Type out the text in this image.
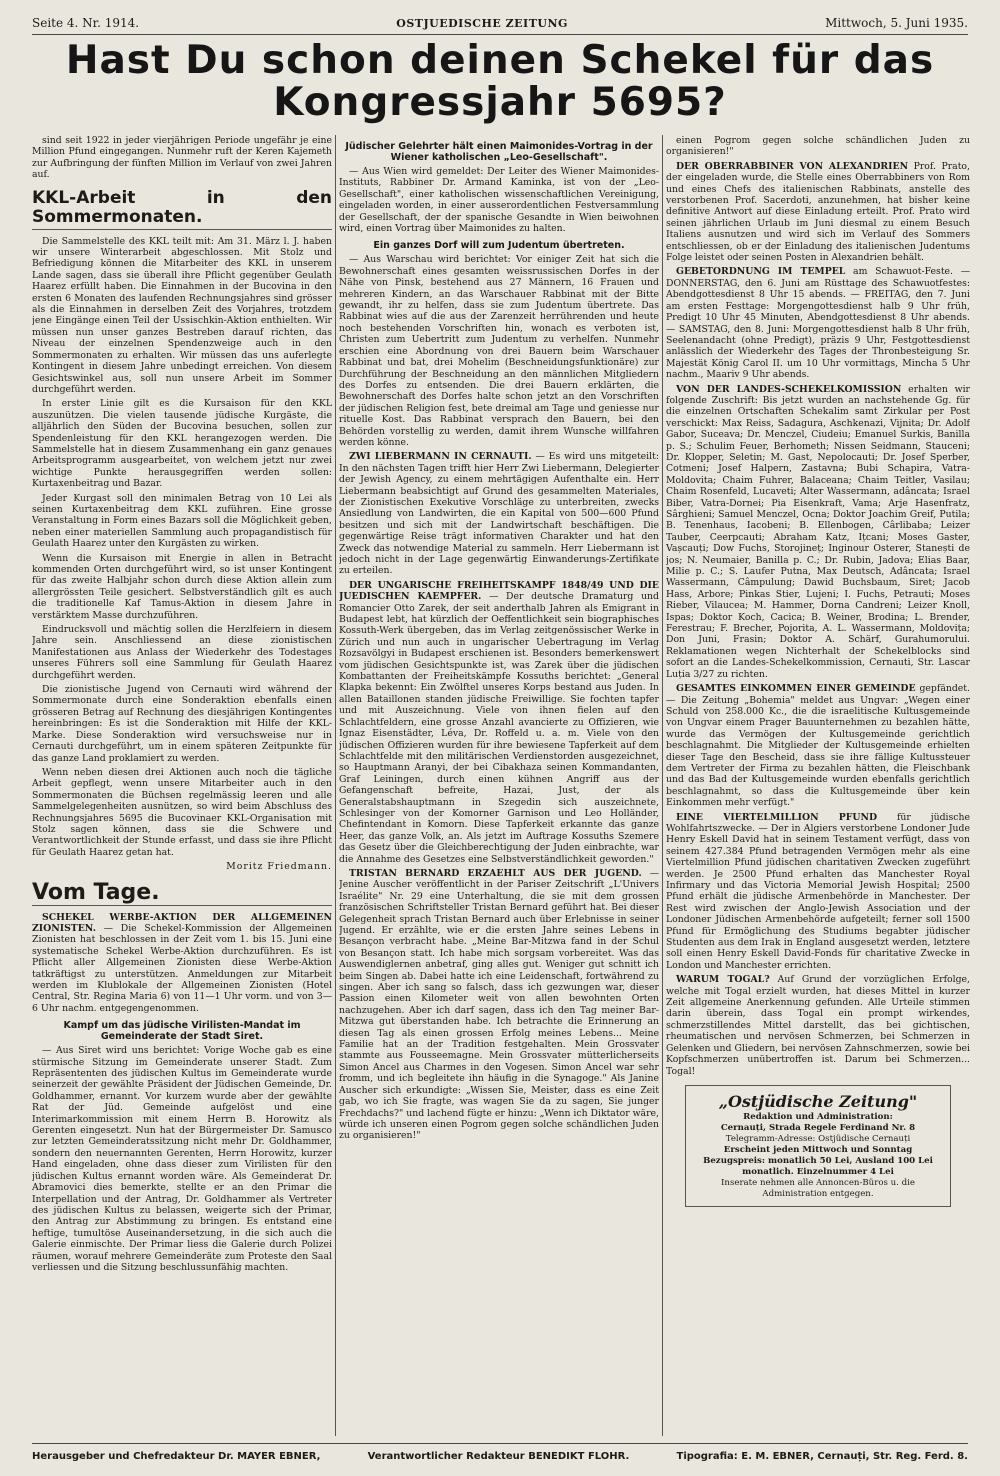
Seite 4. Nr. 1914.	OSTJUEDISCHE ZEITUNG	Mittwoch, 5. Juni 1935.
Hast Du schon deinen Schekel für das
Kongressjahr 5695?

sind seit 1922 in jeder vierjährigen Periode ungefähr je eine Million Pfund eingegangen. Nunmehr ruft der Keren Kajemeth zur Aufbringung der fünften Million im Verlauf von zwei Jahren auf.

KKL-Arbeit in den Sommermonaten.

Die Sammelstelle des KKL teilt mit: Am 31. März l. J. haben wir unsere Winterarbeit abgeschlossen. Mit Stolz und Befriedigung können die Mitarbeiter des KKL in unserem Lande sagen, dass sie überall ihre Pflicht gegenüber Geulath Haarez erfüllt haben. Die Einnahmen in der Bucovina in den ersten 6 Monaten des laufenden Rechnungsjahres sind grösser als die Einnahmen in derselben Zeit des Vorjahres, trotzdem jene Eingänge einen Teil der Ussischkin-Aktion enthielten. Wir müssen nun unser ganzes Bestreben darauf richten, das Niveau der einzelnen Spendenzweige auch in den Sommermonaten zu erhalten. Wir müssen das uns auferlegte Kontingent in diesem Jahre unbedingt erreichen. Von diesem Gesichtswinkel aus, soll nun unsere Arbeit im Sommer durchgeführt werden.

In erster Linie gilt es die Kursaison für den KKL auszunützen. Die vielen tausende jüdische Kurgäste, die alljährlich den Süden der Bucovina besuchen, sollen zur Spendenleistung für den KKL herangezogen werden. Die Sammelstelle hat in diesem Zusammenhang ein ganz genaues Arbeitsprogramm ausgearbeitet, von welchem jetzt nur zwei wichtige Punkte herausgegriffen werden sollen: Kurtaxenbeitrag und Bazar.

Jeder Kurgast soll den minimalen Betrag von 10 Lei als seinen Kurtaxenbeitrag dem KKL zuführen. Eine grosse Veranstaltung in Form eines Bazars soll die Möglichkeit geben, neben einer materiellen Sammlung auch propagandistisch für Geulath Haarez unter den Kurgästen zu wirken.

Wenn die Kursaison mit Energie in allen in Betracht kommenden Orten durchgeführt wird, so ist unser Kontingent für das zweite Halbjahr schon durch diese Aktion allein zum allergrössten Teile gesichert. Selbstverständlich gilt es auch die traditionelle Kaf Tamus-Aktion in diesem Jahre in verstärktem Masse durchzuführen.

Eindrucksvoll und mächtig sollen die Herzlfeiern in diesem Jahre sein. Anschliessend an diese zionistischen Manifestationen aus Anlass der Wiederkehr des Todestages unseres Führers soll eine Sammlung für Geulath Haarez durchgeführt werden.

Die zionistische Jugend von Cernauti wird während der Sommermonate durch eine Sonderaktion ebenfalls einen grösseren Betrag auf Rechnung des diesjährigen Kontingentes hereinbringen: Es ist die Sonderaktion mit Hilfe der KKL-Marke. Diese Sonderaktion wird versuchsweise nur in Cernauti durchgeführt, um in einem späteren Zeitpunkte für das ganze Land proklamiert zu werden.

Wenn neben diesen drei Aktionen auch noch die tägliche Arbeit gepflegt, wenn unsere Mitarbeiter auch in den Sommermonaten die Büchsen regelmässig leeren und alle Sammelgelegenheiten ausnützen, so wird beim Abschluss des Rechnungsjahres 5695 die Bucovinaer KKL-Organisation mit Stolz sagen können, dass sie die Schwere und Verantwortlichkeit der Stunde erfasst, und dass sie ihre Pflicht für Geulath Haarez getan hat.

Moritz Friedmann.
Vom Tage.

SCHEKEL WERBE-AKTION DER ALLGEMEINEN ZIONISTEN. — Die Schekel-Kommission der Allgemeinen Zionisten hat beschlossen in der Zeit vom 1. bis 15. Juni eine systematische Schekel Werbe-Aktion durchzuführen. Es ist Pflicht aller Allgemeinen Zionisten diese Werbe-Aktion tatkräftigst zu unterstützen. Anmeldungen zur Mitarbeit werden im Klublokale der Allgemeinen Zionisten (Hotel Central, Str. Regina Maria 6) von 11—1 Uhr vorm. und von 3—6 Uhr nachm. entgegengenommen.

Kampf um das jüdische Virilisten-Mandat im Gemeinderate der Stadt Siret.

— Aus Siret wird uns berichtet: Vorige Woche gab es eine stürmische Sitzung im Gemeinderate unserer Stadt. Zum Repräsententen des jüdischen Kultus im Gemeinderate wurde seinerzeit der gewählte Präsident der Jüdischen Gemeinde, Dr. Goldhammer, ernannt. Vor kurzem wurde aber der gewählte Rat der Jüd. Gemeinde aufgelöst und eine Interimarkommission mit einem Herrn B. Horowitz als Gerenten eingesetzt. Nun hat der Bürgermeister Dr. Samusco zur letzten Gemeinderatssitzung nicht mehr Dr. Goldhammer, sondern den neuernannten Gerenten, Herrn Horowitz, kurzer Hand eingeladen, ohne dass dieser zum Virilisten für den jüdischen Kultus ernannt worden wäre. Als Gemeinderat Dr. Abramovici dies bemerkte, stellte er an den Primar die Interpellation und der Antrag, Dr. Goldhammer als Vertreter des jüdischen Kultus zu belassen, weigerte sich der Primar, den Antrag zur Abstimmung zu bringen. Es entstand eine heftige, tumultöse Auseinandersetzung, in die sich auch die Galerie einmischte. Der Primar liess die Galerie durch Polizei räumen, worauf mehrere Gemeinderäte zum Proteste den Saal verliessen und die Sitzung beschlussunfähig machten.

Jüdischer Gelehrter hält einen Maimonides-Vortrag in der Wiener katholischen „Leo-Gesellschaft".

— Aus Wien wird gemeldet: Der Leiter des Wiener Maimonides-Instituts, Rabbiner Dr. Armand Kaminka, ist von der „Leo-Gesellschaft", einer katholischen wissenschaftlichen Vereinigung, eingeladen worden, in einer ausserordentlichen Festversammlung der Gesellschaft, der der spanische Gesandte in Wien beiwohnen wird, einen Vortrag über Maimonides zu halten.

Ein ganzes Dorf will zum Judentum übertreten.

— Aus Warschau wird berichtet: Vor einiger Zeit hat sich die Bewohnerschaft eines gesamten weissrussischen Dorfes in der Nähe von Pinsk, bestehend aus 27 Männern, 16 Frauen und mehreren Kindern, an das Warschauer Rabbinat mit der Bitte gewandt, ihr zu helfen, dass sie zum Judentum übertrete. Das Rabbinat wies auf die aus der Zarenzeit herrührenden und heute noch bestehenden Vorschriften hin, wonach es verboten ist, Christen zum Uebertritt zum Judentum zu verhelfen. Nunmehr erschien eine Abordnung von drei Bauern beim Warschauer Rabbinat und bat, drei Mohelim (Beschneidungsfunktionäre) zur Durchführung der Beschneidung an den männlichen Mitgliedern des Dorfes zu entsenden. Die drei Bauern erklärten, die Bewohnerschaft des Dorfes halte schon jetzt an den Vorschriften der jüdischen Religion fest, bete dreimal am Tage und geniesse nur rituelle Kost. Das Rabbinat versprach den Bauern, bei den Behörden vorstellig zu werden, damit ihrem Wunsche willfahren werden könne.

ZWI LIEBERMANN IN CERNAUTI. — Es wird uns mitgeteilt: In den nächsten Tagen trifft hier Herr Zwi Liebermann, Delegierter der Jewish Agency, zu einem mehrtägigen Aufenthalte ein. Herr Liebermann beabsichtigt auf Grund des gesammelten Materiales, der Zionistischen Exekutive Vorschläge zu unterbreiten, zwecks Ansiedlung von Landwirten, die ein Kapital von 500—600 Pfund besitzen und sich mit der Landwirtschaft beschäftigen. Die gegenwärtige Reise trägt informativen Charakter und hat den Zweck das notwendige Material zu sammeln. Herr Liebermann ist jedoch nicht in der Lage gegenwärtig Einwanderungs-Zertifikate zu erteilen.

DER UNGARISCHE FREIHEITSKAMPF 1848/49 UND DIE JUEDISCHEN KAEMPFER. — Der deutsche Dramaturg und Romancier Otto Zarek, der seit anderthalb Jahren als Emigrant in Budapest lebt, hat kürzlich der Oeffentlichkeit sein biographisches Kossuth-Werk übergeben, das im Verlag zeitgenössischer Werke in Zürich und nun auch in ungarischer Uebertragung im Verlag Rozsavölgyi in Budapest erschienen ist. Besonders bemerkenswert vom jüdischen Gesichtspunkte ist, was Zarek über die jüdischen Kombattanten der Freiheitskämpfe Kossuths berichtet: „General Klapka bekennt: Ein Zwölftel unseres Korps bestand aus Juden. In allen Bataillonen standen jüdische Freiwillige. Sie fochten tapfer und mit Auszeichnung. Viele von ihnen fielen auf den Schlachtfeldern, eine grosse Anzahl avancierte zu Offizieren, wie Ignaz Eisenstädter, Léva, Dr. Roffeld u. a. m. Viele von den jüdischen Offizieren wurden für ihre bewiesene Tapferkeit auf dem Schlachtfelde mit den militärischen Verdienstorden ausgezeichnet, so Hauptmann Aranyi, der bei Cibakhaza seinen Kommandanten, Graf Leiningen, durch einen kühnen Angriff aus der Gefangenschaft befreite, Hazai, Just, der als Generalstabshauptmann in Szegedin sich auszeichnete, Schlesinger von der Komorner Garnison und Leo Holländer, Chefintendant in Komorn. Diese Tapferkeit erkannte das ganze Heer, das ganze Volk, an. Als jetzt im Auftrage Kossuths Szemere das Gesetz über die Gleichberechtigung der Juden einbrachte, war die Annahme des Gesetzes eine Selbstverständlichkeit geworden."

TRISTAN BERNARD ERZAEHLT AUS DER JUGEND. — Jenine Auscher veröffentlicht in der Pariser Zeitschrift „L'Univers Israélite" Nr. 29 eine Unterhaltung, die sie mit dem grossen französischen Schriftsteller Tristan Bernard geführt hat. Bei dieser Gelegenheit sprach Tristan Bernard auch über Erlebnisse in seiner Jugend. Er erzählte, wie er die ersten Jahre seines Lebens in Besançon verbracht habe. „Meine Bar-Mitzwa fand in der Schul von Besançon statt. Ich habe mich sorgsam vorbereitet. Was das Auswendiglernen anbetraf, ging alles gut. Weniger gut schnitt ich beim Singen ab. Dabei hatte ich eine Leidenschaft, fortwährend zu singen. Aber ich sang so falsch, dass ich gezwungen war, dieser Passion einen Kilometer weit von allen bewohnten Orten nachzugehen. Aber ich darf sagen, dass ich den Tag meiner Bar-Mitzwa gut überstanden habe. Ich betrachte die Erinnerung an diesen Tag als einen grossen Erfolg meines Lebens... Meine Familie hat an der Tradition festgehalten. Mein Grossvater stammte aus Fousseemagne. Mein Grossvater mütterlicherseits Simon Ancel aus Charmes in den Vogesen. Simon Ancel war sehr fromm, und ich begleitete ihn häufig in die Synagoge." Als Janine Auscher sich erkundigte: „Wissen Sie, Meister, dass es eine Zeit gab, wo ich Sie fragte, was wagen Sie da zu sagen, Sie junger Frechdachs?" und lachend fügte er hinzu: „Wenn ich Diktator wäre, würde ich unseren einen Pogrom gegen solche schändlichen Juden zu organisieren!"

einen Pogrom gegen solche schändlichen Juden zu organisieren!"

DER OBERRABBINER VON ALEXANDRIEN Prof. Prato, der eingeladen wurde, die Stelle eines Oberrabbiners von Rom und eines Chefs des italienischen Rabbinats, anstelle des verstorbenen Prof. Sacerdoti, anzunehmen, hat bisher keine definitive Antwort auf diese Einladung erteilt. Prof. Prato wird seinen jährlichen Urlaub im Juni diesmal zu einem Besuch Italiens ausnutzen und wird sich im Verlauf des Sommers entschliessen, ob er der Einladung des italienischen Judentums Folge leistet oder seinen Posten in Alexandrien behält.

GEBETORDNUNG IM TEMPEL am Schawuot-Feste. — DONNERSTAG, den 6. Juni am Rüsttage des Schawuotfestes: Abendgottesdienst 8 Uhr 15 abends. — FREITAG, den 7. Juni am ersten Festtage: Morgengottesdienst halb 9 Uhr früh, Predigt 10 Uhr 45 Minuten, Abendgottesdienst 8 Uhr abends. — SAMSTAG, den 8. Juni: Morgengottesdienst halb 8 Uhr früh, Seelenandacht (ohne Predigt), präzis 9 Uhr, Festgottesdienst anlässlich der Wiederkehr des Tages der Thronbesteigung Sr. Majestät König Carol II. um 10 Uhr vormittags, Mincha 5 Uhr nachm., Maariv 9 Uhr abends.

VON DER LANDES-SCHEKELKOMISSION erhalten wir folgende Zuschrift: Bis jetzt wurden an nachstehende Gg. für die einzelnen Ortschaften Schekalim samt Zirkular per Post verschickt: Max Reiss, Sadagura, Aschkenazi, Vijnita; Dr. Adolf Gabor, Suceava; Dr. Menczel, Ciudeiu; Emanuel Surkis, Banilla p. S.; Schulim Feuer, Berhometh; Nissen Seidmann, Stauceni; Dr. Klopper, Seletin; M. Gast, Nepolocauti; Dr. Josef Sperber, Cotmeni; Josef Halpern, Zastavna; Bubi Schapira, Vatra-Moldovita; Chaim Fuhrer, Balaceana; Chaim Teitler, Vasilau; Chaim Rosenfeld, Lucaveti; Alter Wassermann, adâncata; Israel Biber, Vatra-Dornei; Pia Eisenkraft, Vama; Arje Hasenfratz, Sârghieni; Samuel Menczel, Ocna; Doktor Joachim Greif, Putila; B. Tenenhaus, Iacobeni; B. Ellenbogen, Cârlibaba; Leizer Tauber, Ceerpcauti; Abraham Katz, Ițcani; Moses Gaster, Vașcauți; Dow Fuchs, Storojineț; Inginour Osterer, Stanești de jos; N. Neumaier, Banilla p. C.; Dr. Rubin, Jadova; Elias Baar, Milie p. C.; S. Laufer Putna, Max Deutsch, Adâncata; Israel Wassermann, Câmpulung; Dawid Buchsbaum, Siret; Jacob Hass, Arbore; Pinkas Stier, Lujeni; I. Fuchs, Petrauti; Moses Rieber, Vilaucea; M. Hammer, Dorna Candreni; Leizer Knoll, Ispas; Doktor Koch, Cacica; B. Weiner, Brodina; L. Brender, Ferestrau; F. Brecher, Pojorita, A. L. Wassermann, Moldovița; Don Juni, Frasin; Doktor A. Schärf, Gurahumorului. Reklamationen wegen Nichterhalt der Schekelblocks sind sofort an die Landes-Schekelkommission, Cernauti, Str. Lascar Luția 3/27 zu richten.

GESAMTES EINKOMMEN EINER GEMEINDE gepfändet. — Die Zeitung „Bohemia" meldet aus Ungvar: „Wegen einer Schuld von 258.000 Kc., die die israelitische Kultusgemeinde von Ungvar einem Prager Bauunternehmen zu bezahlen hätte, wurde das Vermögen der Kultusgemeinde gerichtlich beschlagnahmt. Die Mitglieder der Kultusgemeinde erhielten dieser Tage den Bescheid, dass sie ihre fällige Kultussteuer dem Vertreter der Firma zu bezahlen hätten, die Fleischbank und das Bad der Kultusgemeinde wurden ebenfalls gerichtlich beschlagnahmt, so dass die Kultusgemeinde über kein Einkommen mehr verfügt."

EINE VIERTELMILLION PFUND für jüdische Wohlfahrtszwecke. — Der in Algiers verstorbene Londoner Jude Henry Eskell David hat in seinem Testament verfügt, dass von seinem 427.384 Pfund betragenden Vermögen mehr als eine Viertelmillion Pfund jüdischen charitativen Zwecken zugeführt werden. Je 2500 Pfund erhalten das Manchester Royal Infirmary und das Victoria Memorial Jewish Hospital; 2500 Pfund erhält die jüdische Armenbehörde in Manchester. Der Rest wird zwischen der Anglo-Jewish Association und der Londoner Jüdischen Armenbehörde aufgeteilt; ferner soll 1500 Pfund für Ermöglichung des Studiums begabter jüdischer Studenten aus dem Irak in England ausgesetzt werden, letztere soll einen Henry Eskell David-Fonds für charitative Zwecke in London und Manchester errichten.

WARUM TOGAL? Auf Grund der vorzüglichen Erfolge, welche mit Togal erzielt wurden, hat dieses Mittel in kurzer Zeit allgemeine Anerkennung gefunden. Alle Urteile stimmen darin überein, dass Togal ein prompt wirkendes, schmerzstillendes Mittel darstellt, das bei gichtischen, rheumatischen und nervösen Schmerzen, bei Schmerzen in Gelenken und Gliedern, bei nervösen Zahnschmerzen, sowie bei Kopfschmerzen unübertroffen ist. Darum bei Schmerzen... Togal!

„Ostjüdische Zeitung"
Redaktion und Administration:
Cernauți, Strada Regele Ferdinand Nr. 8
Telegramm-Adresse: Ostjüdische Cernauți
Erscheint jeden Mittwoch und Sonntag
Bezugspreis: monatlich 50 Lei, Ausland 100 Lei
monatlich. Einzelnummer 4 Lei
Inserate nehmen alle Annoncen-Büros u. die Administration entgegen.
Herausgeber und Chefredakteur Dr. MAYER EBNER,	Verantwortlicher Redakteur BENEDIKT FLOHR.	Tipografia: E. M. EBNER, Cernauți, Str. Reg. Ferd. 8.
